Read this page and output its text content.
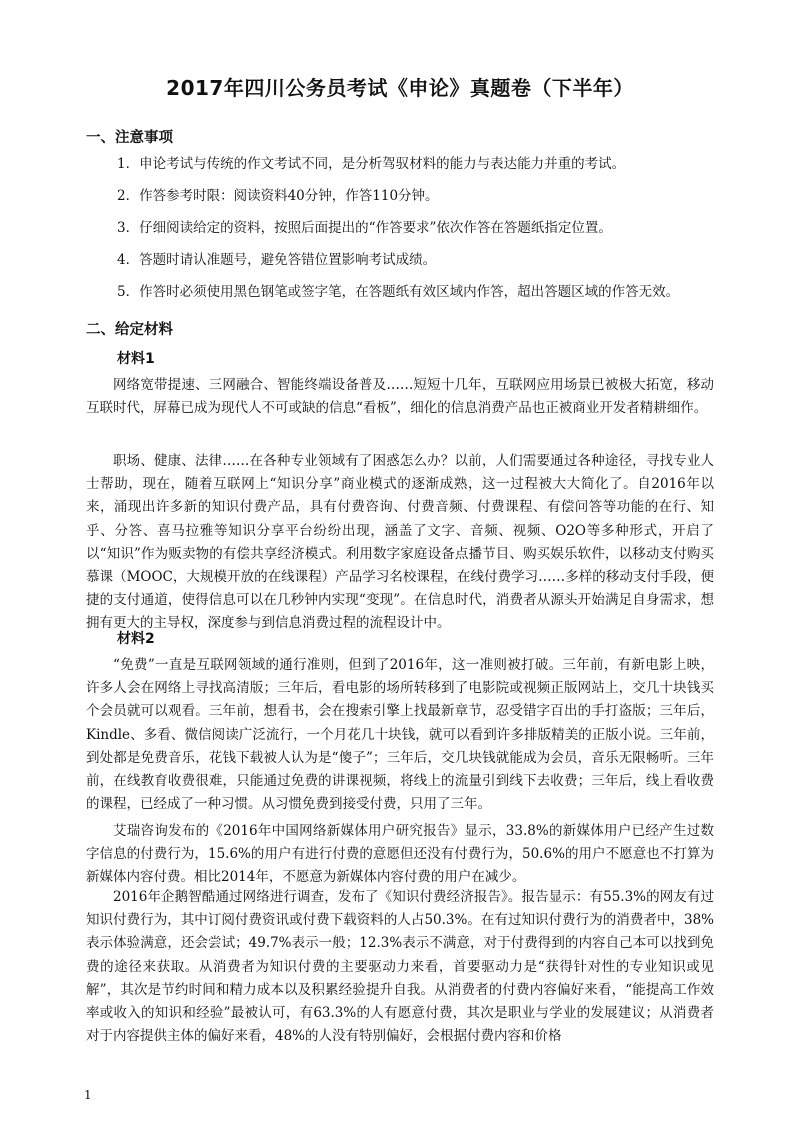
2017年四川公务员考试《申论》真题卷（下半年）
一、注意事项
1．申论考试与传统的作文考试不同，是分析驾驭材料的能力与表达能力并重的考试。
2．作答参考时限：阅读资料40分钟，作答110分钟。
3．仔细阅读给定的资料，按照后面提出的“作答要求”依次作答在答题纸指定位置。
4．答题时请认准题号，避免答错位置影响考试成绩。
5．作答时必须使用黑色钢笔或签字笔，在答题纸有效区域内作答，超出答题区域的作答无效。
二、给定材料
材料1

网络宽带提速、三网融合、智能终端设备普及……短短十几年，互联网应用场景已被极大拓宽，移动互联时代，屏幕已成为现代人不可或缺的信息“看板”，细化的信息消费产品也正被商业开发者精耕细作。

职场、健康、法律……在各种专业领域有了困惑怎么办？以前，人们需要通过各种途径，寻找专业人士帮助，现在，随着互联网上“知识分享”商业模式的逐渐成熟，这一过程被大大简化了。自2016年以来，涌现出许多新的知识付费产品，具有付费咨询、付费音频、付费课程、有偿问答等功能的在行、知乎、分答、喜马拉雅等知识分享平台纷纷出现，涵盖了文字、音频、视频、O2O等多种形式，开启了以“知识”作为贩卖物的有偿共享经济模式。利用数字家庭设备点播节目、购买娱乐软件，以移动支付购买慕课（MOOC，大规模开放的在线课程）产品学习名校课程，在线付费学习……多样的移动支付手段，便捷的支付通道，使得信息可以在几秒钟内实现“变现”。在信息时代，消费者从源头开始满足自身需求，想拥有更大的主导权，深度参与到信息消费过程的流程设计中。

材料2

“免费”一直是互联网领域的通行准则，但到了2016年，这一准则被打破。三年前，有新电影上映，许多人会在网络上寻找高清版；三年后，看电影的场所转移到了电影院或视频正版网站上，交几十块钱买个会员就可以观看。三年前，想看书，会在搜索引擎上找最新章节，忍受错字百出的手打盗版；三年后，Kindle、多看、微信阅读广泛流行，一个月花几十块钱，就可以看到许多排版精美的正版小说。三年前，到处都是免费音乐，花钱下载被人认为是“傻子”；三年后，交几块钱就能成为会员，音乐无限畅听。三年前，在线教育收费很难，只能通过免费的讲课视频，将线上的流量引到线下去收费；三年后，线上看收费的课程，已经成了一种习惯。从习惯免费到接受付费，只用了三年。

艾瑞咨询发布的《2016年中国网络新媒体用户研究报告》显示，33.8%的新媒体用户已经产生过数字信息的付费行为，15.6%的用户有进行付费的意愿但还没有付费行为，50.6%的用户不愿意也不打算为新媒体内容付费。相比2014年，不愿意为新媒体内容付费的用户在减少。

2016年企鹅智酷通过网络进行调查，发布了《知识付费经济报告》。报告显示：有55.3%的网友有过知识付费行为，其中订阅付费资讯或付费下载资料的人占50.3%。在有过知识付费行为的消费者中，38%表示体验满意，还会尝试；49.7%表示一般；12.3%表示不满意，对于付费得到的内容自己本可以找到免费的途径来获取。从消费者为知识付费的主要驱动力来看，首要驱动力是“获得针对性的专业知识或见解”，其次是节约时间和精力成本以及积累经验提升自我。从消费者的付费内容偏好来看，“能提高工作效率或收入的知识和经验”最被认可，有63.3%的人有愿意付费，其次是职业与学业的发展建议；从消费者对于内容提供主体的偏好来看，48%的人没有特别偏好，会根据付费内容和价格

1
